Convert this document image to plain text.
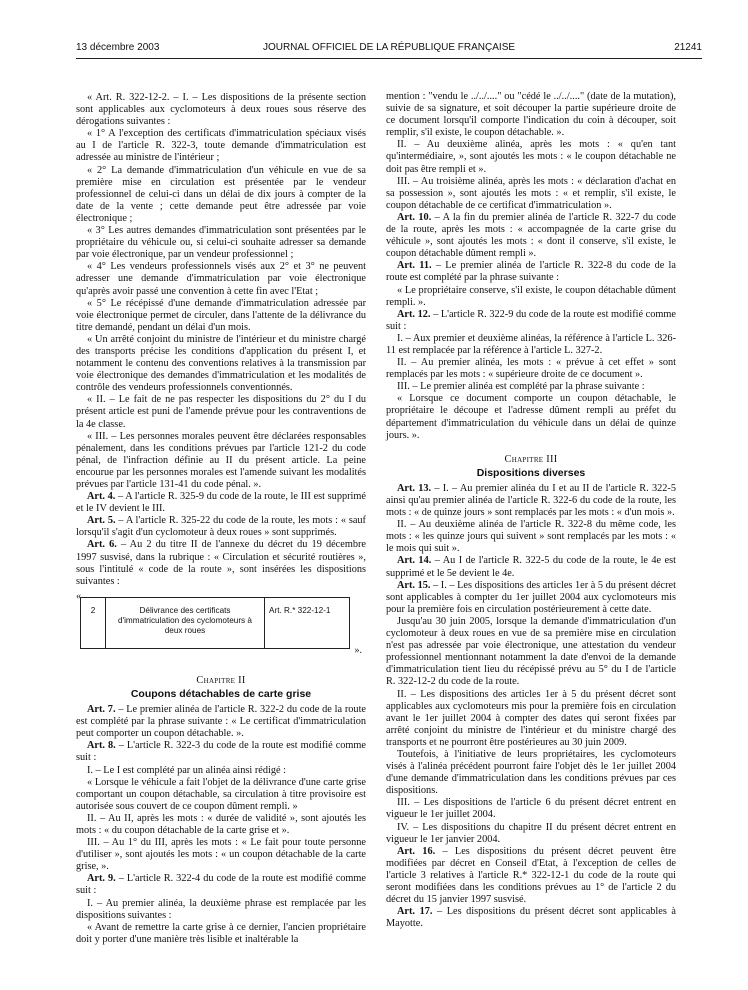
13 décembre 2003	JOURNAL OFFICIEL DE LA RÉPUBLIQUE FRANÇAISE	21241

« Art. R. 322-12-2. – I. – Les dispositions de la présente section sont applicables aux cyclomoteurs à deux roues sous réserve des dérogations suivantes :

« 1° A l'exception des certificats d'immatriculation spéciaux visés au I de l'article R. 322-3, toute demande d'immatriculation est adressée au ministre de l'intérieur ;

« 2° La demande d'immatriculation d'un véhicule en vue de sa première mise en circulation est présentée par le vendeur professionnel de celui-ci dans un délai de dix jours à compter de la date de la vente ; cette demande peut être adressée par voie électronique ;

« 3° Les autres demandes d'immatriculation sont présentées par le propriétaire du véhicule ou, si celui-ci souhaite adresser sa demande par voie électronique, par un vendeur professionnel ;

« 4° Les vendeurs professionnels visés aux 2° et 3° ne peuvent adresser une demande d'immatriculation par voie électronique qu'après avoir passé une convention à cette fin avec l'Etat ;

« 5° Le récépissé d'une demande d'immatriculation adressée par voie électronique permet de circuler, dans l'attente de la délivrance du titre demandé, pendant un délai d'un mois.

« Un arrêté conjoint du ministre de l'intérieur et du ministre chargé des transports précise les conditions d'application du présent I, et notamment le contenu des conventions relatives à la transmission par voie électronique des demandes d'immatriculation et les modalités de contrôle des vendeurs professionnels conventionnés.

« II. – Le fait de ne pas respecter les dispositions du 2° du I du présent article est puni de l'amende prévue pour les contraventions de la 4e classe.

« III. – Les personnes morales peuvent être déclarées responsables pénalement, dans les conditions prévues par l'article 121-2 du code pénal, de l'infraction définie au II du présent article. La peine encourue par les personnes morales est l'amende suivant les modalités prévues par l'article 131-41 du code pénal. ».

Art. 4. – A l'article R. 325-9 du code de la route, le III est supprimé et le IV devient le III.

Art. 5. – A l'article R. 325-22 du code de la route, les mots : « sauf lorsqu'il s'agit d'un cyclomoteur à deux roues » sont supprimés.

Art. 6. – Au 2 du titre II de l'annexe du décret du 19 décembre 1997 susvisé, dans la rubrique : « Circulation et sécurité routières », sous l'intitulé « code de la route », sont insérées les dispositions suivantes :

«
2	Délivrance des certificats d'immatriculation des cyclomoteurs à deux roues	Art. R.* 322-12-1
».
Chapitre II
Coupons détachables de carte grise

Art. 7. – Le premier alinéa de l'article R. 322-2 du code de la route est complété par la phrase suivante : « Le certificat d'immatriculation peut comporter un coupon détachable. ».

Art. 8. – L'article R. 322-3 du code de la route est modifié comme suit :

I. – Le I est complété par un alinéa ainsi rédigé :

« Lorsque le véhicule a fait l'objet de la délivrance d'une carte grise comportant un coupon détachable, sa circulation à titre provisoire est autorisée sous couvert de ce coupon dûment rempli. »

II. – Au II, après les mots : « durée de validité », sont ajoutés les mots : « du coupon détachable de la carte grise et ».

III. – Au 1° du III, après les mots : « Le fait pour toute personne d'utiliser », sont ajoutés les mots : « un coupon détachable de la carte grise, ».

Art. 9. – L'article R. 322-4 du code de la route est modifié comme suit :

I. – Au premier alinéa, la deuxième phrase est remplacée par les dispositions suivantes :

« Avant de remettre la carte grise à ce dernier, l'ancien propriétaire doit y porter d'une manière très lisible et inaltérable la

mention : "vendu le ../../...." ou "cédé le ../../...." (date de la mutation), suivie de sa signature, et soit découper la partie supérieure droite de ce document lorsqu'il comporte l'indication du coin à découper, soit remplir, s'il existe, le coupon détachable. ».

II. – Au deuxième alinéa, après les mots : « qu'en tant qu'intermédiaire, », sont ajoutés les mots : « le coupon détachable ne doit pas être rempli et ».

III. – Au troisième alinéa, après les mots : « déclaration d'achat en sa possession », sont ajoutés les mots : « et remplir, s'il existe, le coupon détachable de ce certificat d'immatriculation ».

Art. 10. – A la fin du premier alinéa de l'article R. 322-7 du code de la route, après les mots : « accompagnée de la carte grise du véhicule », sont ajoutés les mots : « dont il conserve, s'il existe, le coupon détachable dûment rempli ».

Art. 11. – Le premier alinéa de l'article R. 322-8 du code de la route est complété par la phrase suivante :

« Le propriétaire conserve, s'il existe, le coupon détachable dûment rempli. ».

Art. 12. – L'article R. 322-9 du code de la route est modifié comme suit :

I. – Aux premier et deuxième alinéas, la référence à l'article L. 326-11 est remplacée par la référence à l'article L. 327-2.

II. – Au premier alinéa, les mots : « prévue à cet effet » sont remplacés par les mots : « supérieure droite de ce document ».

III. – Le premier alinéa est complété par la phrase suivante :

« Lorsque ce document comporte un coupon détachable, le propriétaire le découpe et l'adresse dûment rempli au préfet du département d'immatriculation du véhicule dans un délai de quinze jours. ».

Chapitre III
Dispositions diverses

Art. 13. – I. – Au premier alinéa du I et au II de l'article R. 322-5 ainsi qu'au premier alinéa de l'article R. 322-6 du code de la route, les mots : « de quinze jours » sont remplacés par les mots : « d'un mois ».

II. – Au deuxième alinéa de l'article R. 322-8 du même code, les mots : « les quinze jours qui suivent » sont remplacés par les mots : « le mois qui suit ».

Art. 14. – Au I de l'article R. 322-5 du code de la route, le 4e est supprimé et le 5e devient le 4e.

Art. 15. – I. – Les dispositions des articles 1er à 5 du présent décret sont applicables à compter du 1er juillet 2004 aux cyclomoteurs mis pour la première fois en circulation postérieurement à cette date.

Jusqu'au 30 juin 2005, lorsque la demande d'immatriculation d'un cyclomoteur à deux roues en vue de sa première mise en circulation n'est pas adressée par voie électronique, une attestation du vendeur professionnel mentionnant notamment la date d'envoi de la demande d'immatriculation tient lieu du récépissé prévu au 5° du I de l'article R. 322-12-2 du code de la route.

II. – Les dispositions des articles 1er à 5 du présent décret sont applicables aux cyclomoteurs mis pour la première fois en circulation avant le 1er juillet 2004 à compter des dates qui seront fixées par arrêté conjoint du ministre de l'intérieur et du ministre chargé des transports et ne pourront être postérieures au 30 juin 2009.

Toutefois, à l'initiative de leurs propriétaires, les cyclomoteurs visés à l'alinéa précédent pourront faire l'objet dès le 1er juillet 2004 d'une demande d'immatriculation dans les conditions prévues par ces dispositions.

III. – Les dispositions de l'article 6 du présent décret entrent en vigueur le 1er juillet 2004.

IV. – Les dispositions du chapitre II du présent décret entrent en vigueur le 1er janvier 2004.

Art. 16. – Les dispositions du présent décret peuvent être modifiées par décret en Conseil d'Etat, à l'exception de celles de l'article 3 relatives à l'article R.* 322-12-1 du code de la route qui seront modifiées dans les conditions prévues au 1° de l'article 2 du décret du 15 janvier 1997 susvisé.

Art. 17. – Les dispositions du présent décret sont applicables à Mayotte.
